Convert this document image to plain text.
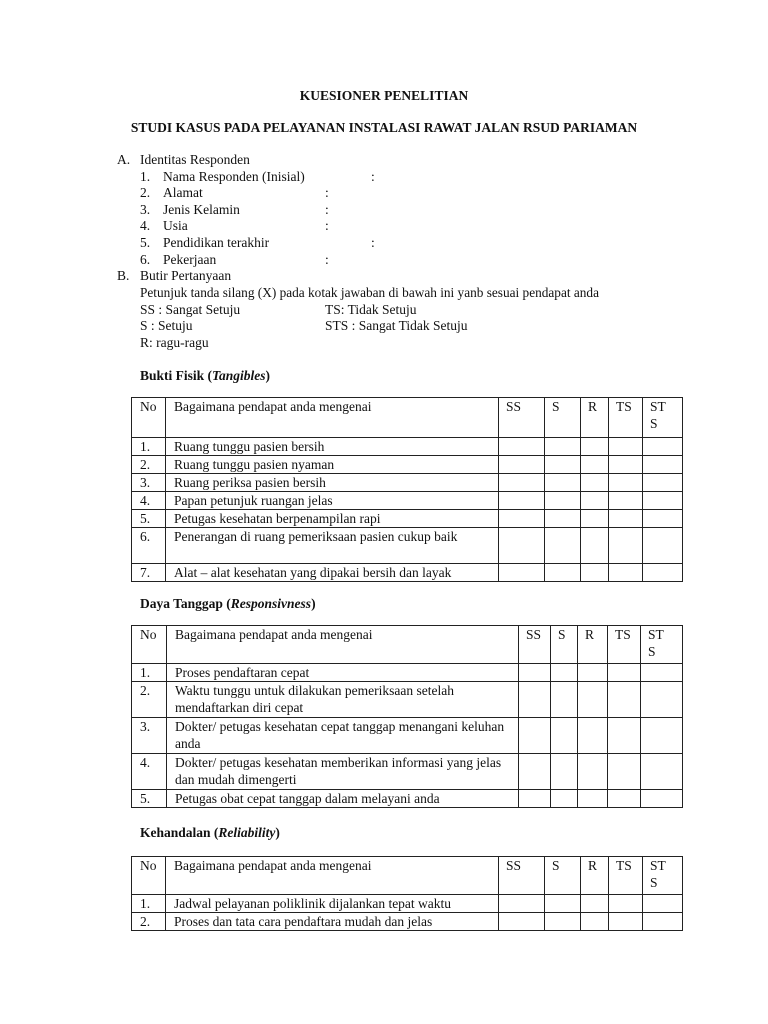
KUESIONER PENELITIAN
STUDI KASUS PADA PELAYANAN INSTALASI RAWAT JALAN RSUD PARIAMAN
A. Identitas Responden
1. Nama Responden (Inisial)	:
2. Alamat	:
3. Jenis Kelamin	:
4. Usia	:
5. Pendidikan terakhir	:
6. Pekerjaan	:
B. Butir Pertanyaan
Petunjuk tanda silang (X) pada kotak jawaban di bawah ini yanb sesuai pendapat anda
SS : Sangat Setuju	TS: Tidak Setuju
S : Setuju	STS : Sangat Tidak Setuju
R: ragu-ragu
Bukti Fisik (Tangibles)
No	Bagaimana pendapat anda mengenai	SS	S	R	TS	ST
S
1.	Ruang tunggu pasien bersih					
2.	Ruang tunggu pasien nyaman					
3.	Ruang periksa pasien bersih					
4.	Papan petunjuk ruangan jelas					
5.	Petugas kesehatan berpenampilan rapi					
6.	Penerangan di ruang pemeriksaan pasien cukup baik					
7.	Alat – alat kesehatan yang dipakai bersih dan layak					
Daya Tanggap (Responsivness)
No	Bagaimana pendapat anda mengenai	SS	S	R	TS	ST
S
1.	Proses pendaftaran cepat					
2.	Waktu tunggu untuk dilakukan pemeriksaan setelah mendaftarkan diri cepat					
3.	Dokter/ petugas kesehatan cepat tanggap menangani keluhan anda					
4.	Dokter/ petugas kesehatan memberikan informasi yang jelas dan mudah dimengerti					
5.	Petugas obat cepat tanggap dalam melayani anda					
Kehandalan (Reliability)
No	Bagaimana pendapat anda mengenai	SS	S	R	TS	ST
S
1.	Jadwal pelayanan poliklinik dijalankan tepat waktu					
2.	Proses dan tata cara pendaftara mudah dan jelas					
